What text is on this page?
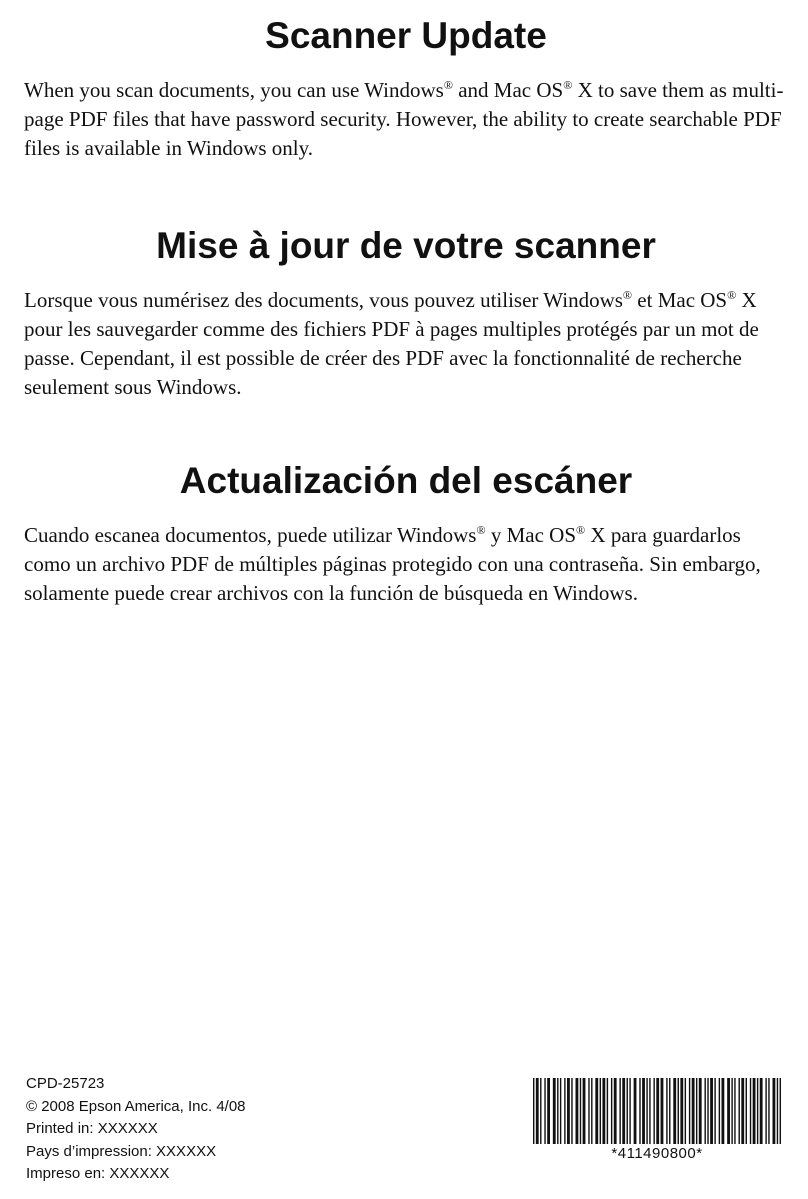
Scanner Update

When you scan documents, you can use Windows® and Mac OS® X to save them as multi-page PDF files that have password security. However, the ability to create searchable PDF files is available in Windows only.

Mise à jour de votre scanner

Lorsque vous numérisez des documents, vous pouvez utiliser Windows® et Mac OS® X pour les sauvegarder comme des fichiers PDF à pages multiples protégés par un mot de passe. Cependant, il est possible de créer des PDF avec la fonctionnalité de recherche seulement sous Windows.

Actualización del escáner

Cuando escanea documentos, puede utilizar Windows® y Mac OS® X para guardarlos como un archivo PDF de múltiples páginas protegido con una contraseña. Sin embargo, solamente puede crear archivos con la función de búsqueda en Windows.

CPD-25723
© 2008 Epson America, Inc. 4/08
Printed in: XXXXXX
Pays d’impression: XXXXXX
Impreso en: XXXXXX
*411490800*
